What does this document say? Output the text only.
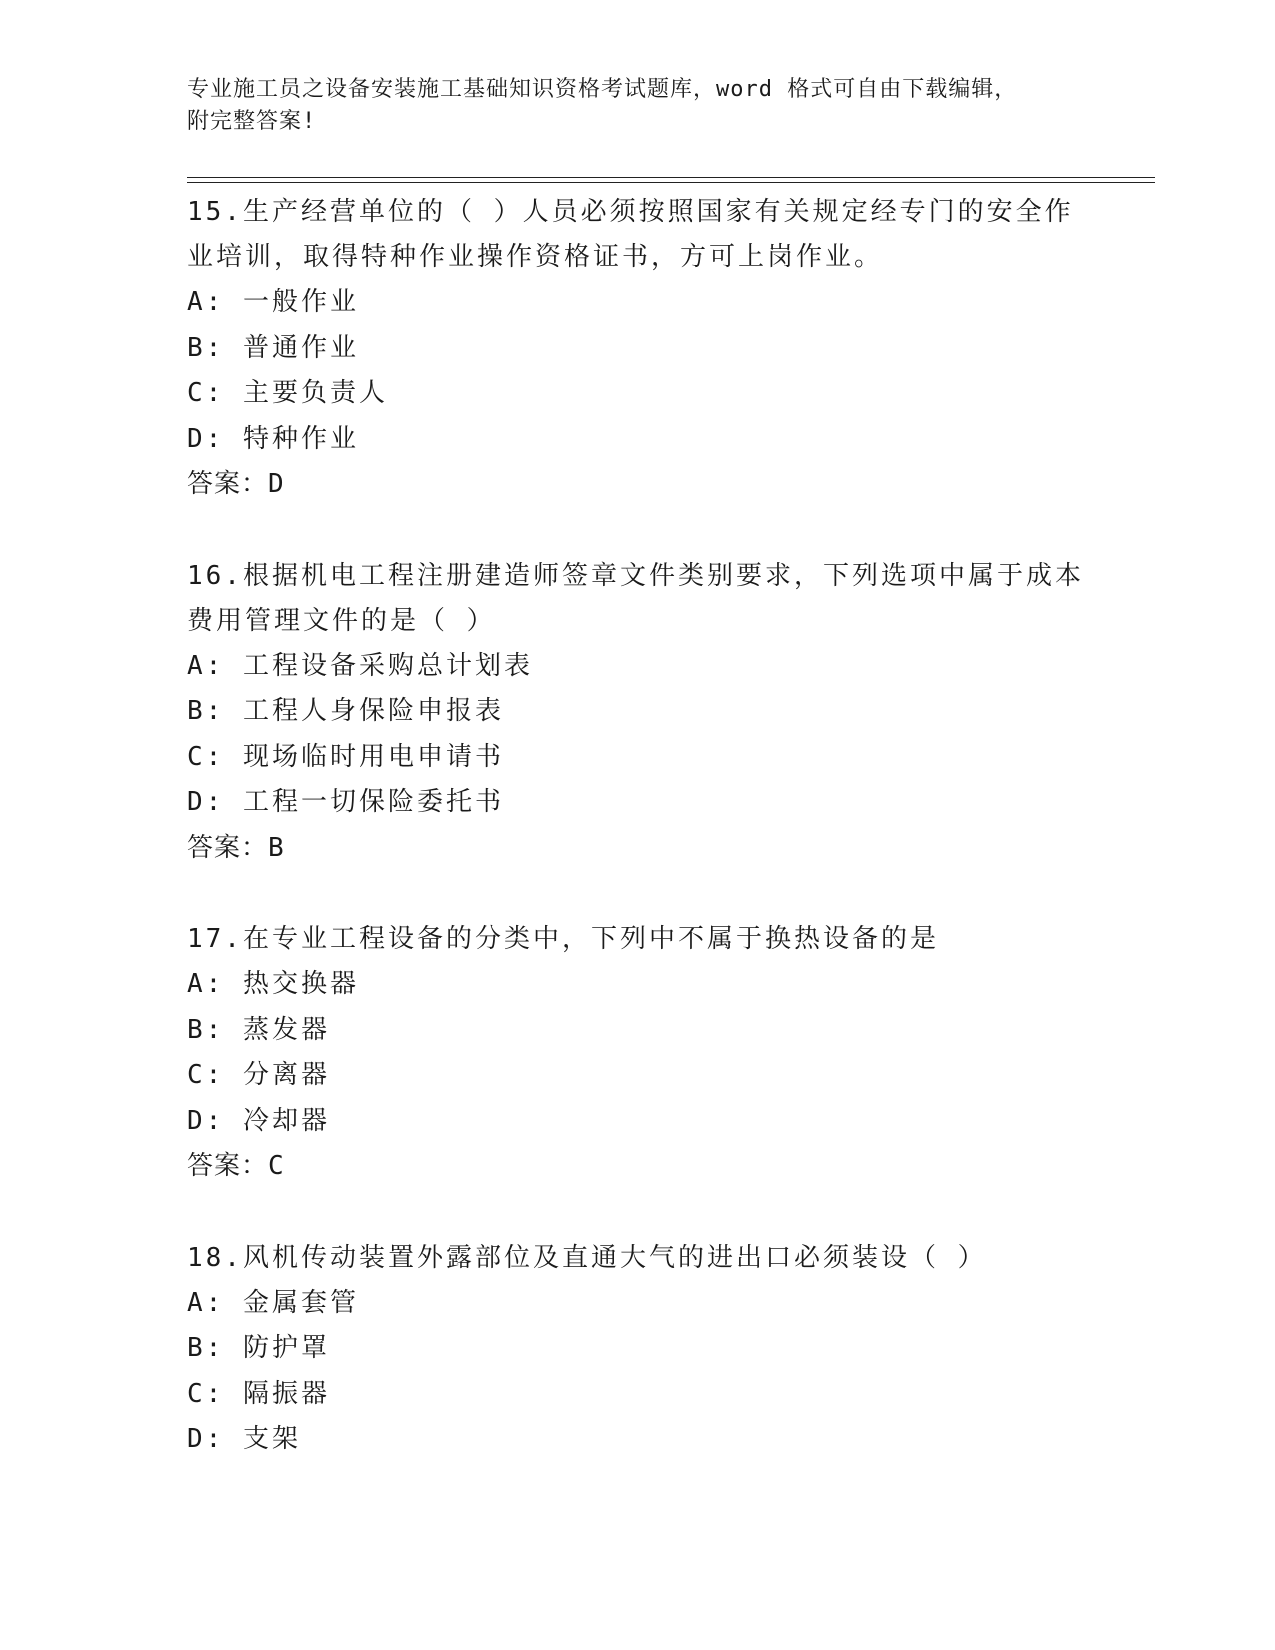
专业施工员之设备安装施工基础知识资格考试题库，word 格式可自由下载编辑，
附完整答案!
15.生产经营单位的（ ）人员必须按照国家有关规定经专门的安全作
业培训，取得特种作业操作资格证书，方可上岗作业。
A: 一般作业
B: 普通作业
C: 主要负责人
D: 特种作业
答案：D
16.根据机电工程注册建造师签章文件类别要求，下列选项中属于成本
费用管理文件的是（ ）
A: 工程设备采购总计划表
B: 工程人身保险申报表
C: 现场临时用电申请书
D: 工程一切保险委托书
答案：B
17.在专业工程设备的分类中，下列中不属于换热设备的是
A: 热交换器
B: 蒸发器
C: 分离器
D: 冷却器
答案：C
18.风机传动装置外露部位及直通大气的进出口必须装设（ ）
A: 金属套管
B: 防护罩
C: 隔振器
D: 支架
